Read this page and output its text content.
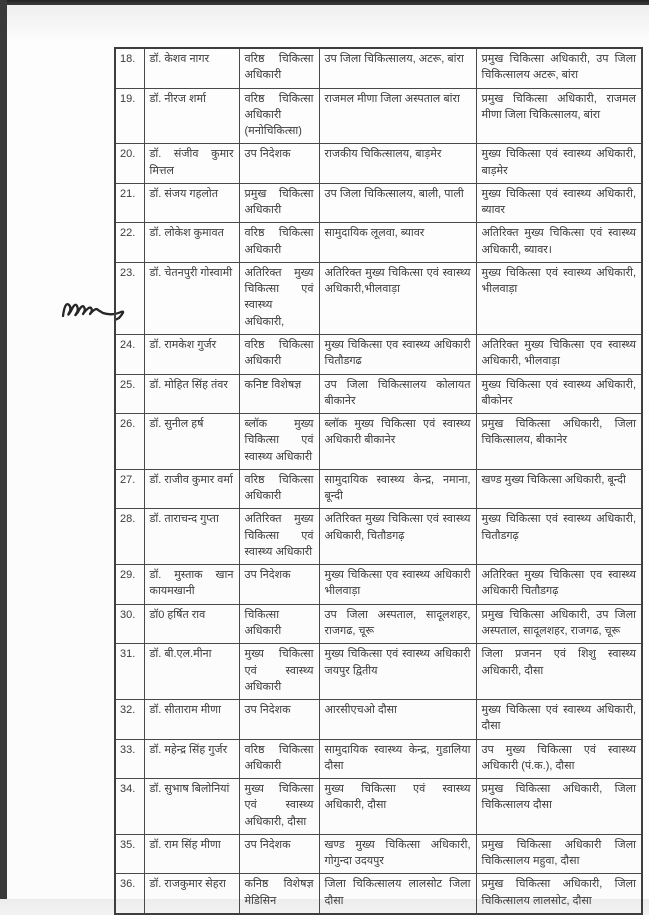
18.	डॉ. केशव नागर	वरिष्ठ चिकित्सा अधिकारी	उप जिला चिकित्सालय, अटरू, बांरा	प्रमुख चिकित्सा अधिकारी, उप जिला चिकित्सालय अटरू, बांरा
19.	डॉ. नीरज शर्मा	वरिष्ठ चिकित्सा अधिकारी (मनोचिकित्सा)	राजमल मीणा जिला अस्पताल बांरा	प्रमुख चिकित्सा अधिकारी, राजमल मीणा जिला चिकित्सालय, बांरा
20.	डॉ. संजीव कुमार मित्तल	उप निदेशक	राजकीय चिकित्सालय, बाड़मेर	मुख्य चिकित्सा एवं स्वास्थ्य अधिकारी, बाड़मेर
21.	डॉ. संजय गहलोत	प्रमुख चिकित्सा अधिकारी	उप जिला चिकित्सालय, बाली, पाली	मुख्य चिकित्सा एवं स्वास्थ्य अधिकारी, ब्यावर
22.	डॉ. लोकेश कुमावत	वरिष्ठ चिकित्सा अधिकारी	सामुदायिक लूलवा, ब्यावर	अतिरिक्त मुख्य चिकित्सा एवं स्वास्थ्य अधिकारी, ब्यावर।
23.	डॉ. चेतनपुरी गोस्वामी	अतिरिक्त मुख्य चिकित्सा एवं स्वास्थ्य अधिकारी,	अतिरिक्त मुख्य चिकित्सा एवं स्वास्थ्य अधिकारी,भीलवाड़ा	मुख्य चिकित्सा एवं स्वास्थ्य अधिकारी, भीलवाड़ा
24.	डॉ. रामकेश गुर्जर	वरिष्ठ चिकित्सा अधिकारी	मुख्य चिकित्सा एव स्वास्थ्य अधिकारी चितौडगढ	अतिरिक्त मुख्य चिकित्सा एव स्वास्थ्य अधिकारी, भीलवाड़ा
25.	डॉ. मोहित सिंह तंवर	कनिष्ट विशेषज्ञ	उप जिला चिकित्सालय कोलायत बीकानेर	मुख्य चिकित्सा एवं स्वास्थ्य अधिकारी, बीकोनर
26.	डॉ. सुनील हर्ष	ब्लॉक मुख्य चिकित्सा एवं स्वास्थ्य अधिकारी	ब्लॉक मुख्य चिकित्सा एवं स्वास्थ्य अधिकारी बीकानेर	प्रमुख चिकित्सा अधिकारी, जिला चिकित्सालय, बीकानेर
27.	डॉ. राजीव कुमार वर्मा	वरिष्ठ चिकित्सा अधिकारी	सामुदायिक स्वास्थ्य केन्द्र, नमाना, बून्दी	खण्ड मुख्य चिकित्सा अधिकारी, बून्दी
28.	डॉ. ताराचन्द गुप्ता	अतिरिक्त मुख्य चिकित्सा एवं स्वास्थ्य अधिकारी	अतिरिक्त मुख्य चिकित्सा एवं स्वास्थ्य अधिकारी, चितौडगढ़	मुख्य चिकित्सा एवं स्वास्थ्य अधिकारी, चितौडगढ़
29.	डॉ. मुस्ताक खान कायमखानी	उप निदेशक	मुख्य चिकित्सा एव स्वास्थ्य अधिकारी भीलवाड़ा	अतिरिक्त मुख्य चिकित्सा एव स्वास्थ्य अधिकारी चितौडगढ़
30.	डॉ0 हर्षित राव	चिकित्सा अधिकारी	उप जिला अस्पताल, सादूलशहर, राजगढ, चूरू	प्रमुख चिकित्सा अधिकारी, उप जिला अस्पताल, सादूलशहर, राजगढ, चूरू
31.	डॉ. बी.एल.मीना	मुख्य चिकित्सा एवं स्वास्थ्य अधिकारी	मुख्य चिकित्सा एवं स्वास्थ्य अधिकारी जयपुर द्वितीय	जिला प्रजनन एवं शिशु स्वास्थ्य अधिकारी, दौसा
32.	डॉ. सीताराम मीणा	उप निदेशक	आरसीएचओ दौसा	मुख्य चिकित्सा एवं स्वास्थ्य अधिकारी, दौसा
33.	डॉ. महेन्द्र सिंह गुर्जर	वरिष्ठ चिकित्सा अधिकारी	सामुदायिक स्वास्थ्य केन्द्र, गुडालिया दौसा	उप मुख्य चिकित्सा एवं स्वास्थ्य अधिकारी (पं.क.), दौसा
34.	डॉ. सुभाष बिलोनियां	मुख्य चिकित्सा एवं स्वास्थ्य अधिकारी, दौसा	मुख्य चिकित्सा एवं स्वास्थ्य अधिकारी, दौसा	प्रमुख चिकित्सा अधिकारी, जिला चिकित्सालय दौसा
35.	डॉ. राम सिंह मीणा	उप निदेशक	खण्ड मुख्य चिकित्सा अधिकारी, गोगुन्दा उदयपुर	प्रमुख चिकित्सा अधिकारी जिला चिकित्सालय महुवा, दौसा
36.	डॉ. राजकुमार सेहरा	कनिष्ठ विशेषज्ञ मेडिसिन	जिला चिकित्सालय लालसोट जिला दौसा	प्रमुख चिकित्सा अधिकारी, जिला चिकित्सालय लालसोट, दौसा
